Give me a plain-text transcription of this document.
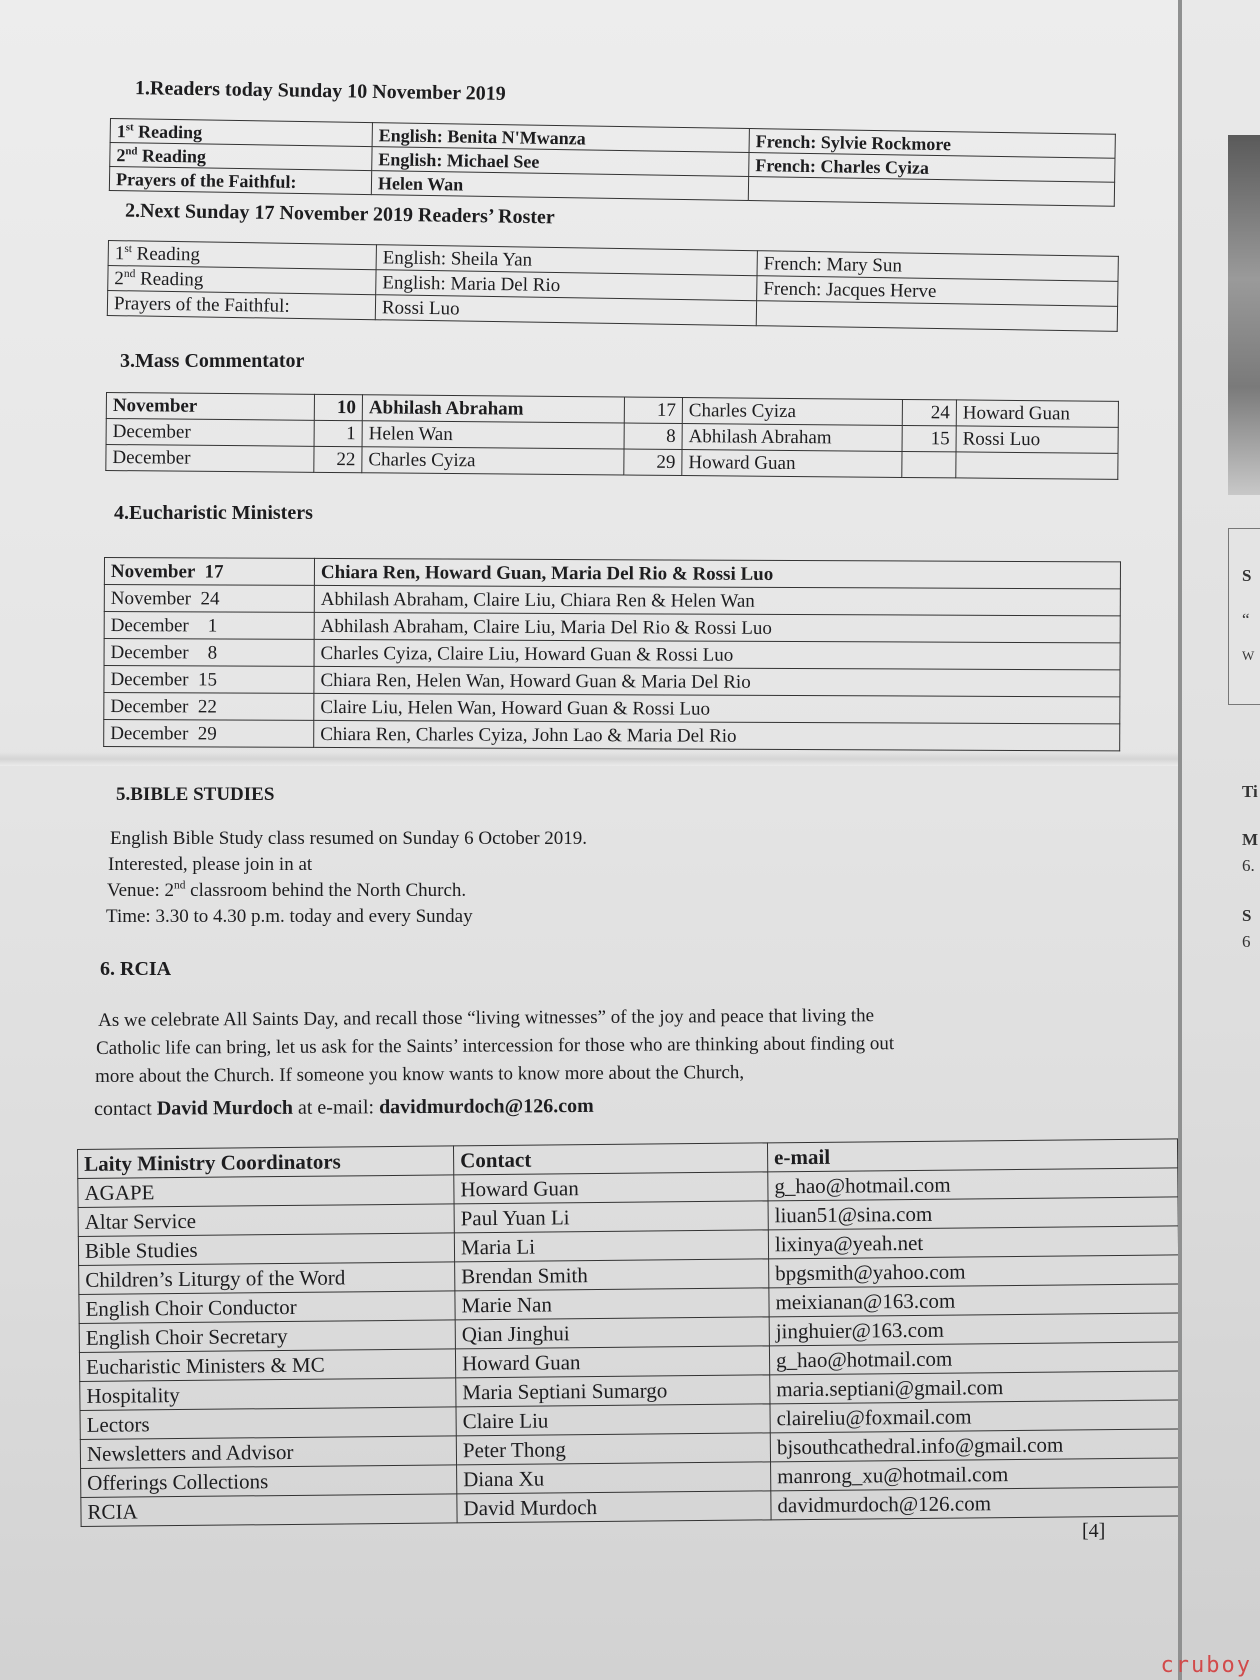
1.Readers today Sunday 10 November 2019
1st Reading	English: Benita N'Mwanza	French: Sylvie Rockmore
2nd Reading	English: Michael See	French: Charles Cyiza
Prayers of the Faithful:	Helen Wan	
2.Next Sunday 17 November 2019 Readers’ Roster
1st Reading	English: Sheila Yan	French: Mary Sun
2nd Reading	English: Maria Del Rio	French: Jacques Herve
Prayers of the Faithful:	Rossi Luo	
3.Mass Commentator
November	10	Abhilash Abraham	17	Charles Cyiza	24	Howard Guan
December	1	Helen Wan	8	Abhilash Abraham	15	Rossi Luo
December	22	Charles Cyiza	29	Howard Guan		
4.Eucharistic Ministers
November  17	Chiara Ren, Howard Guan, Maria Del Rio & Rossi Luo
November  24	Abhilash Abraham, Claire Liu, Chiara Ren & Helen Wan
December    1	Abhilash Abraham, Claire Liu, Maria Del Rio & Rossi Luo
December    8	Charles Cyiza, Claire Liu, Howard Guan & Rossi Luo
December  15	Chiara Ren, Helen Wan, Howard Guan & Maria Del Rio
December  22	Claire Liu, Helen Wan, Howard Guan & Rossi Luo
December  29	Chiara Ren, Charles Cyiza, John Lao & Maria Del Rio
5.BIBLE STUDIES
English Bible Study class resumed on Sunday 6 October 2019.
Interested, please join in at
Venue: 2nd classroom behind the North Church.
Time: 3.30 to 4.30 p.m. today and every Sunday
6. RCIA
As we celebrate All Saints Day, and recall those “living witnesses” of the joy and peace that living the
Catholic life can bring, let us ask for the Saints’ intercession for those who are thinking about finding out
more about the Church. If someone you know wants to know more about the Church,
contact David Murdoch at e-mail: davidmurdoch@126.com
Laity Ministry Coordinators	Contact	e-mail
AGAPE	Howard Guan	g_hao@hotmail.com
Altar Service	Paul Yuan Li	liuan51@sina.com
Bible Studies	Maria Li	lixinya@yeah.net
Children’s Liturgy of the Word	Brendan Smith	bpgsmith@yahoo.com
English Choir Conductor	Marie Nan	meixianan@163.com
English Choir Secretary	Qian Jinghui	jinghuier@163.com
Eucharistic Ministers & MC	Howard Guan	g_hao@hotmail.com
Hospitality	Maria Septiani Sumargo	maria.septiani@gmail.com
Lectors	Claire Liu	claireliu@foxmail.com
Newsletters and Advisor	Peter Thong	bjsouthcathedral.info@gmail.com
Offerings Collections	Diana Xu	manrong_xu@hotmail.com
RCIA	David Murdoch	davidmurdoch@126.com
[4]
S
“
W
Ti
M
6.
S
6
cruboy
